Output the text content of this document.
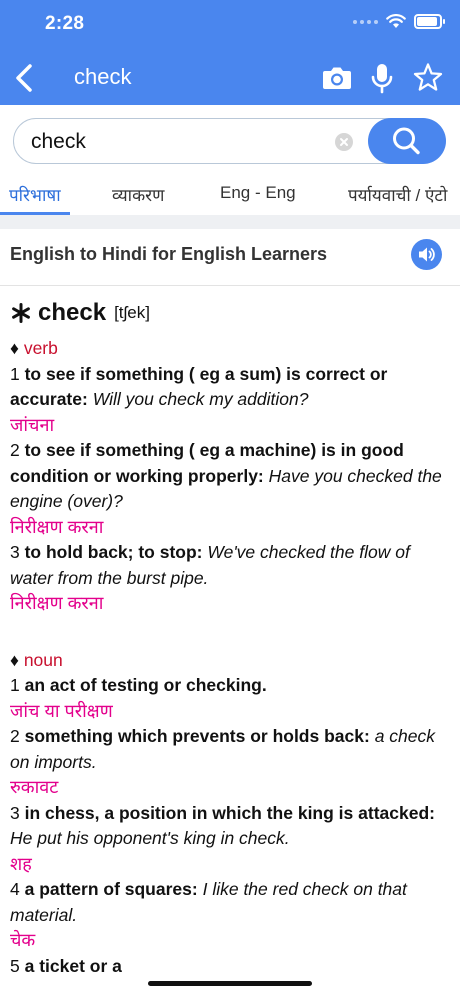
2:28
check
check
परिभाषा	व्याकरण	Eng - Eng	पर्यायवाची / एंटो
English to Hindi for English Learners
check [tʃek]
♦ verb
1 to see if something ( eg a sum) is correct or accurate: Will you check my addition?
जांचना
2 to see if something ( eg a machine) is in good condition or working properly: Have you checked the engine (over)?
निरीक्षण करना
3 to hold back; to stop: We've checked the flow of water from the burst pipe.
निरीक्षण करना
♦ noun
1 an act of testing or checking.
जांच या परीक्षण
2 something which prevents or holds back: a check on imports.
रुकावट
3 in chess, a position in which the king is attacked: He put his opponent's king in check.
शह
4 a pattern of squares: I like the red check on that material.
चेक
5 a ticket or a
